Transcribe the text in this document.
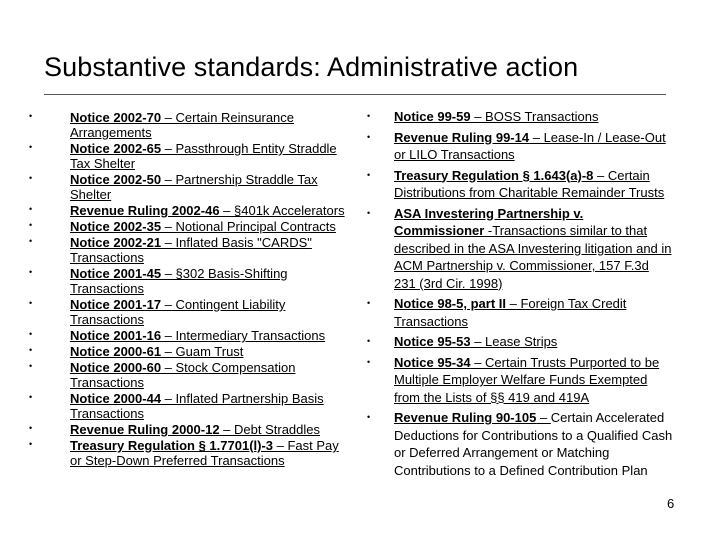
Substantive standards: Administrative action
•	Notice 2002-70 – Certain Reinsurance Arrangements
•	Notice 2002-65 – Passthrough Entity Straddle Tax Shelter
•	Notice 2002-50 – Partnership Straddle Tax Shelter
•	Revenue Ruling 2002-46 – §401k Accelerators
•	Notice 2002-35 – Notional Principal Contracts
•	Notice 2002-21 – Inflated Basis "CARDS" Transactions
•	Notice 2001-45 – §302 Basis-Shifting Transactions
•	Notice 2001-17 – Contingent Liability Transactions
•	Notice 2001-16 – Intermediary Transactions
•	Notice 2000-61 – Guam Trust
•	Notice 2000-60 – Stock Compensation Transactions
•	Notice 2000-44 – Inflated Partnership Basis Transactions
•	Revenue Ruling 2000-12 – Debt Straddles
•	Treasury Regulation § 1.7701(l)-3 – Fast Pay or Step-Down Preferred Transactions
• Notice 99-59 – BOSS Transactions
• Revenue Ruling 99-14 – Lease-In / Lease-Out or LILO Transactions
• Treasury Regulation § 1.643(a)-8 – Certain Distributions from Charitable Remainder Trusts
• ASA Investering Partnership v. Commissioner -Transactions similar to that described in the ASA Investering litigation and in ACM Partnership v. Commissioner, 157 F.3d 231 (3rd Cir. 1998)
• Notice 98-5, part II – Foreign Tax Credit Transactions
• Notice 95-53 – Lease Strips
• Notice 95-34 – Certain Trusts Purported to be Multiple Employer Welfare Funds Exempted from the Lists of §§ 419 and 419A
• Revenue Ruling 90-105 – Certain Accelerated Deductions for Contributions to a Qualified Cash or Deferred Arrangement or Matching Contributions to a Defined Contribution Plan
6
